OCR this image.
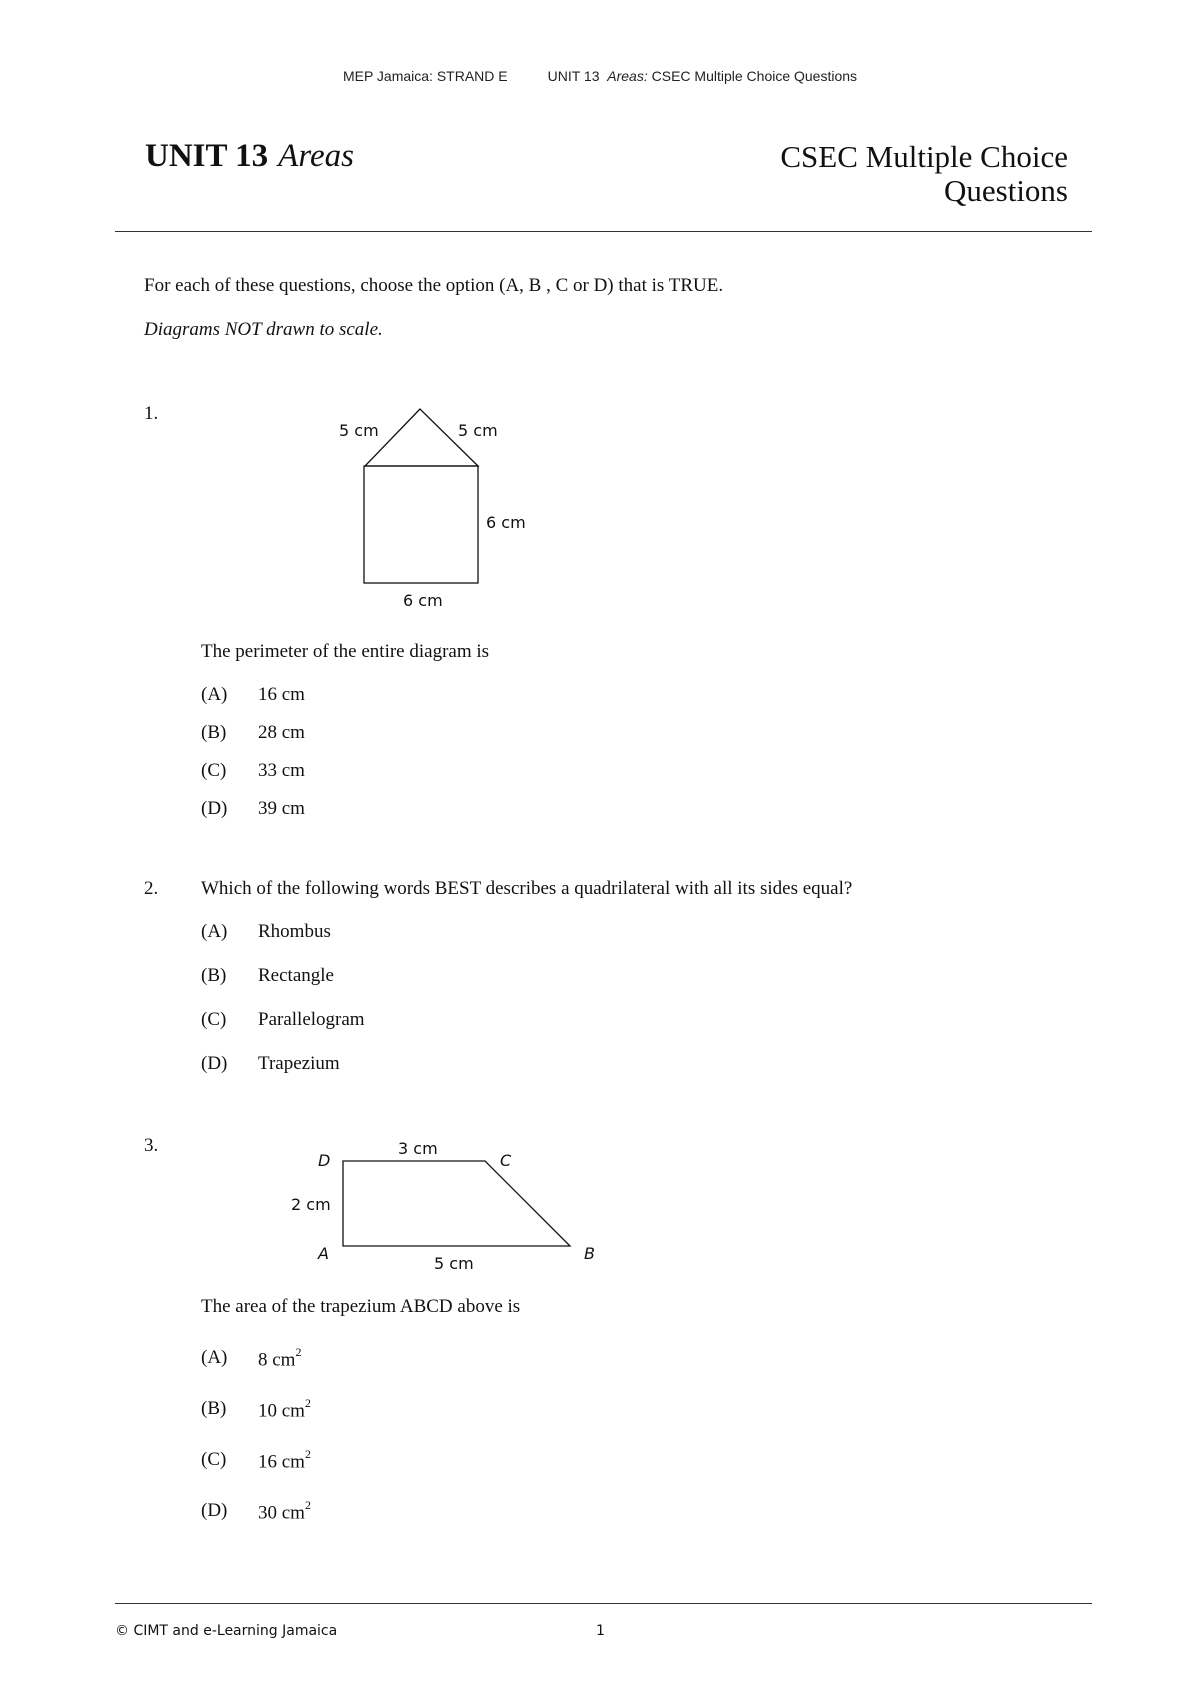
MEP Jamaica: STRAND E	UNIT 13 Areas: CSEC Multiple Choice Questions
UNIT 13 Areas	CSEC Multiple Choice
Questions
For each of these questions, choose the option (A, B , C or D) that is TRUE.
Diagrams NOT drawn to scale.
1.
5 cm	5 cm
6 cm
6 cm
The perimeter of the entire diagram is
(A) 16 cm
(B) 28 cm
(C) 33 cm
(D) 39 cm
2. Which of the following words BEST describes a quadrilateral with all its sides equal?
(A) Rhombus
(B) Rectangle
(C) Parallelogram
(D) Trapezium
3.
D	C
A	B
3 cm
2 cm
5 cm
The area of the trapezium ABCD above is
(A) 8 $cm^2$
(B) 10 $cm^2$
(C) 16 $cm^2$
(D) 30 $cm^2$
© CIMT and e-Learning Jamaica	1
